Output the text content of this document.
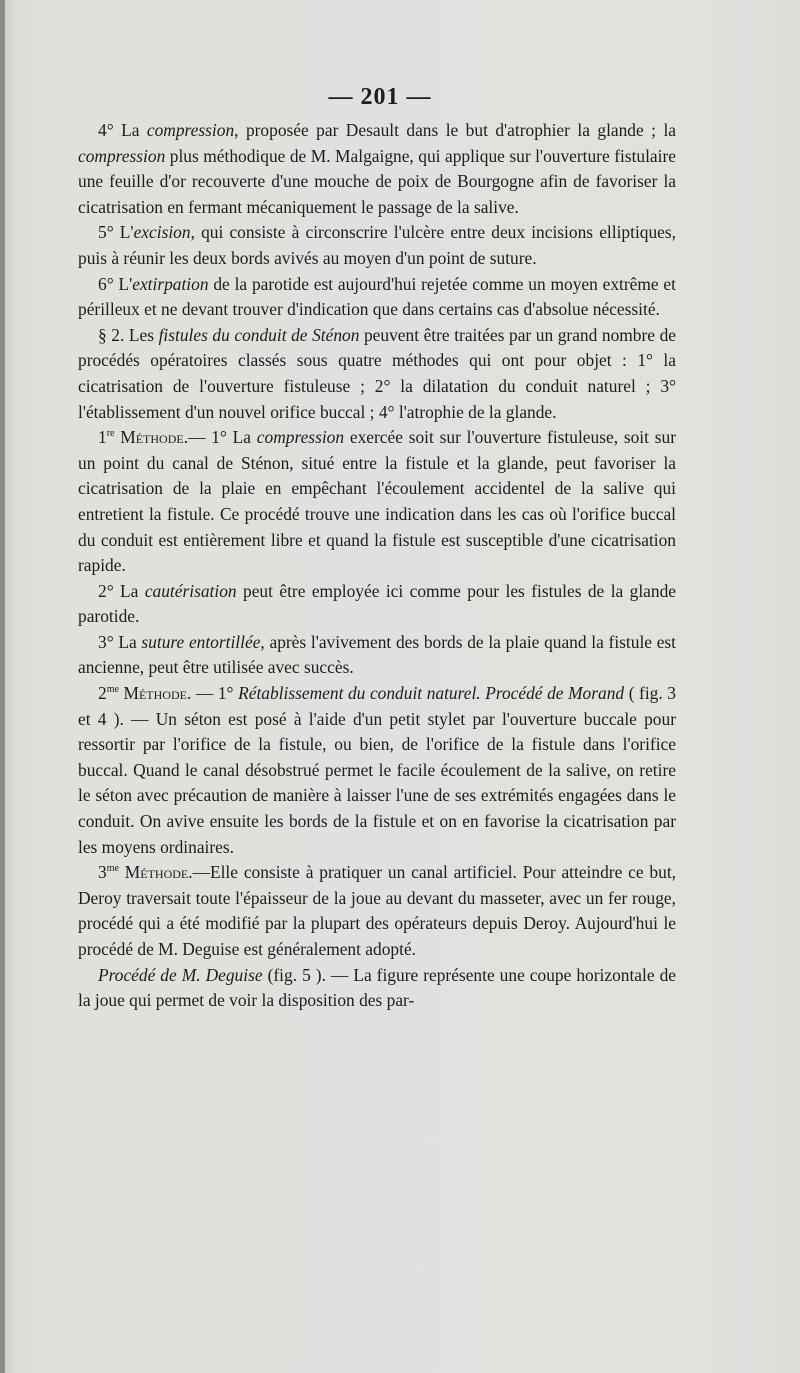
— 201 —

4° La compression, proposée par Desault dans le but d'atrophier la glande ; la compression plus méthodique de M. Malgaigne, qui applique sur l'ouverture fistulaire une feuille d'or recouverte d'une mouche de poix de Bourgogne afin de favoriser la cicatrisation en fermant mécaniquement le passage de la salive.

5° L'excision, qui consiste à circonscrire l'ulcère entre deux incisions elliptiques, puis à réunir les deux bords avivés au moyen d'un point de suture.

6° L'extirpation de la parotide est aujourd'hui rejetée comme un moyen extrême et périlleux et ne devant trouver d'indication que dans certains cas d'absolue nécessité.

§ 2. Les fistules du conduit de Sténon peuvent être traitées par un grand nombre de procédés opératoires classés sous quatre méthodes qui ont pour objet : 1° la cicatrisation de l'ouverture fistuleuse ; 2° la dilatation du conduit naturel ; 3° l'établissement d'un nouvel orifice buccal ; 4° l'atrophie de la glande.

1re Méthode.— 1° La compression exercée soit sur l'ouverture fistuleuse, soit sur un point du canal de Sténon, situé entre la fistule et la glande, peut favoriser la cicatrisation de la plaie en empêchant l'écoulement accidentel de la salive qui entretient la fistule. Ce procédé trouve une indication dans les cas où l'orifice buccal du conduit est entièrement libre et quand la fistule est susceptible d'une cicatrisation rapide.

2° La cautérisation peut être employée ici comme pour les fistules de la glande parotide.

3° La suture entortillée, après l'avivement des bords de la plaie quand la fistule est ancienne, peut être utilisée avec succès.

$2^{me}$ Méthode. — 1° Rétablissement du conduit naturel. Procédé de Morand ( fig. 3 et 4 ). — Un séton est posé à l'aide d'un petit stylet par l'ouverture buccale pour ressortir par l'orifice de la fistule, ou bien, de l'orifice de la fistule dans l'orifice buccal. Quand le canal désobstrué permet le facile écoulement de la salive, on retire le séton avec précaution de manière à laisser l'une de ses extrémités engagées dans le conduit. On avive ensuite les bords de la fistule et on en favorise la cicatrisation par les moyens ordinaires.

$3^{me}$ Méthode.—Elle consiste à pratiquer un canal artificiel. Pour atteindre ce but, Deroy traversait toute l'épaisseur de la joue au devant du masseter, avec un fer rouge, procédé qui a été modifié par la plupart des opérateurs depuis Deroy. Aujourd'hui le procédé de M. Deguise est généralement adopté.

Procédé de M. Deguise (fig. 5 ). — La figure représente une coupe horizontale de la joue qui permet de voir la disposition des par-
